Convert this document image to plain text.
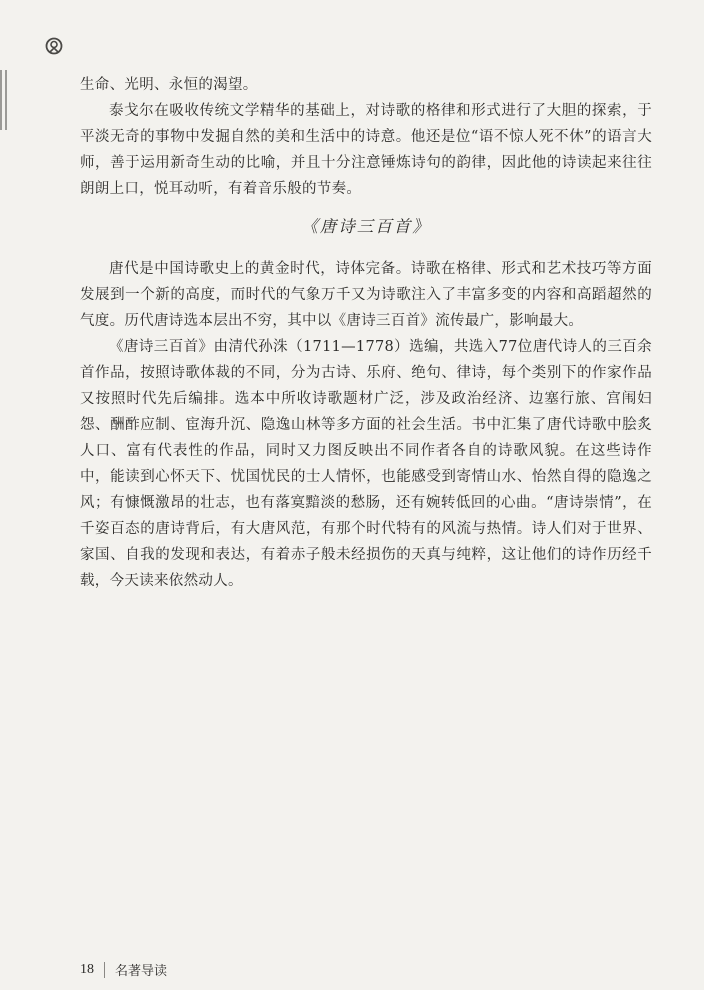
生命、光明、永恒的渴望。

泰戈尔在吸收传统文学精华的基础上，对诗歌的格律和形式进行了大胆的探索，于平淡无奇的事物中发掘自然的美和生活中的诗意。他还是位“语不惊人死不休”的语言大师，善于运用新奇生动的比喻，并且十分注意锤炼诗句的韵律，因此他的诗读起来往往朗朗上口，悦耳动听，有着音乐般的节奏。

《唐诗三百首》

唐代是中国诗歌史上的黄金时代，诗体完备。诗歌在格律、形式和艺术技巧等方面发展到一个新的高度，而时代的气象万千又为诗歌注入了丰富多变的内容和高蹈超然的气度。历代唐诗选本层出不穷，其中以《唐诗三百首》流传最广，影响最大。

《唐诗三百首》由清代孙洙（1711—1778）选编，共选入77位唐代诗人的三百余首作品，按照诗歌体裁的不同，分为古诗、乐府、绝句、律诗，每个类别下的作家作品又按照时代先后编排。选本中所收诗歌题材广泛，涉及政治经济、边塞行旅、宫闱妇怨、酬酢应制、宦海升沉、隐逸山林等多方面的社会生活。书中汇集了唐代诗歌中脍炙人口、富有代表性的作品，同时又力图反映出不同作者各自的诗歌风貌。在这些诗作中，能读到心怀天下、忧国忧民的士人情怀，也能感受到寄情山水、怡然自得的隐逸之风；有慷慨激昂的壮志，也有落寞黯淡的愁肠，还有婉转低回的心曲。“唐诗崇情”，在千姿百态的唐诗背后，有大唐风范，有那个时代特有的风流与热情。诗人们对于世界、家国、自我的发现和表达，有着赤子般未经损伤的天真与纯粹，这让他们的诗作历经千载，今天读来依然动人。

18 名著导读
